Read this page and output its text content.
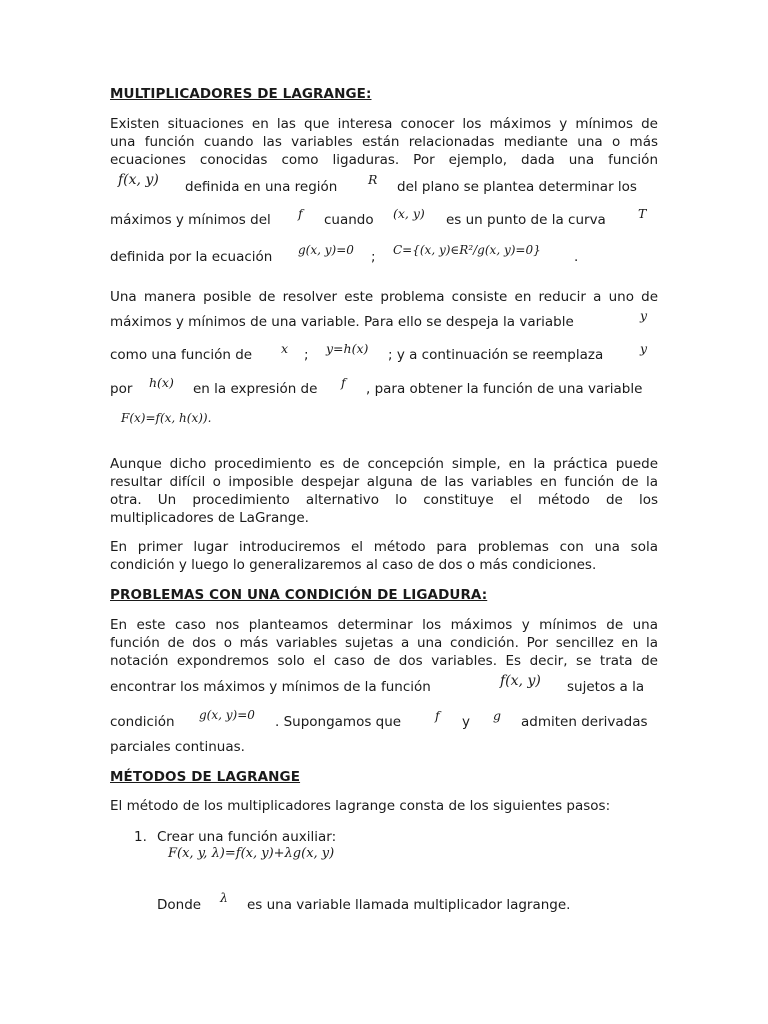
MULTIPLICADORES DE LAGRANGE:
Existen situaciones en las que interesa conocer los máximos y mínimos de
una función cuando las variables están relacionadas mediante una o más
ecuaciones conocidas como ligaduras. Por ejemplo, dada una función
f(x, y) definida en una región R del plano se plantea determinar los
máximos y mínimos del f cuando (x, y) es un punto de la curva	T
definida por la ecuación g(x, y)=0 ; C={(x, y)∈R²/g(x, y)=0} .
Una manera posible de resolver este problema consiste en reducir a uno de
máximos y mínimos de una variable. Para ello se despeja la variable	y
como una función de x ; y=h(x) ; y a continuación se reemplaza	y
por h(x) en la expresión de f , para obtener la función de una variable
F(x)=f(x, h(x)).
Aunque dicho procedimiento es de concepción simple, en la práctica puede
resultar difícil o imposible despejar alguna de las variables en función de la
otra. Un procedimiento alternativo lo constituye el método de los
multiplicadores de LaGrange.
En primer lugar introduciremos el método para problemas con una sola
condición y luego lo generalizaremos al caso de dos o más condiciones.
PROBLEMAS CON UNA CONDICIÓN DE LIGADURA:
En este caso nos planteamos determinar los máximos y mínimos de una
función de dos o más variables sujetas a una condición. Por sencillez en la
notación expondremos solo el caso de dos variables. Es decir, se trata de
encontrar los máximos y mínimos de la función	f(x, y) sujetos a la
condición g(x, y)=0 . Supongamos que	f y g admiten derivadas
parciales continuas.
MÉTODOS DE LAGRANGE
El método de los multiplicadores lagrange consta de los siguientes pasos:
1. Crear una función auxiliar:
F(x, y, λ)=f(x, y)+λg(x, y)
Donde λ es una variable llamada multiplicador lagrange.
